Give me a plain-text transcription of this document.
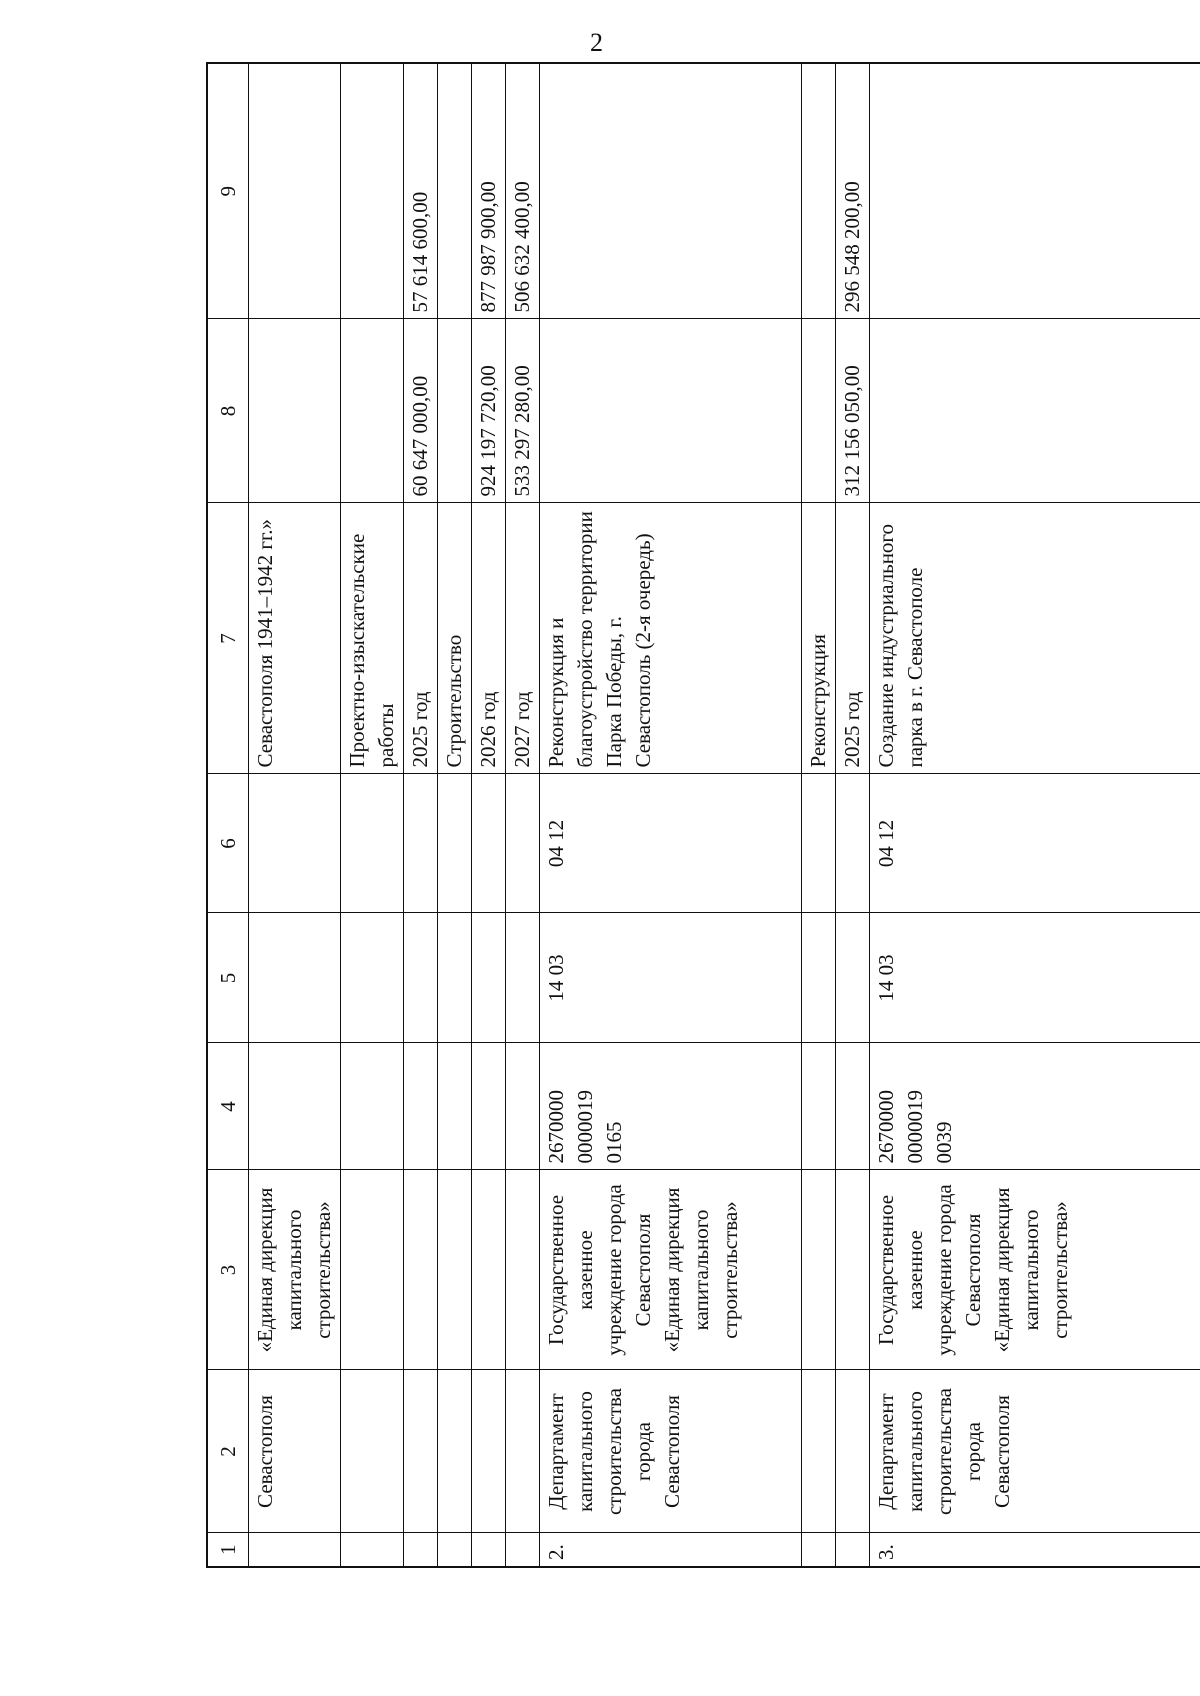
2
1	2	3	4	5	6	7	8	9
	Севастополя	«Единая дирекция капитального строительства»				Севастополя 1941–1942 гг.»		
						Проектно-изыскательские работы		
						2025 год	60 647 000,00	57 614 600,00
						Строительство		
						2026 год	924 197 720,00	877 987 900,00
						2027 год	533 297 280,00	506 632 400,00
2.	Департамент капитального строительства города Севастополя	Государственное казенное учреждение города Севастополя «Единая дирекция капитального строительства»	2670000 0000019 0165	14 03	04 12	Реконструкция и благоустройство территории Парка Победы, г. Севастополь (2-я очередь)		
						Реконструкция		
						2025 год	312 156 050,00	296 548 200,00
3.	Департамент капитального строительства города Севастополя	Государственное казенное учреждение города Севастополя «Единая дирекция капитального строительства»	2670000 0000019 0039	14 03	04 12	Создание индустриального парка в г. Севастополе		
